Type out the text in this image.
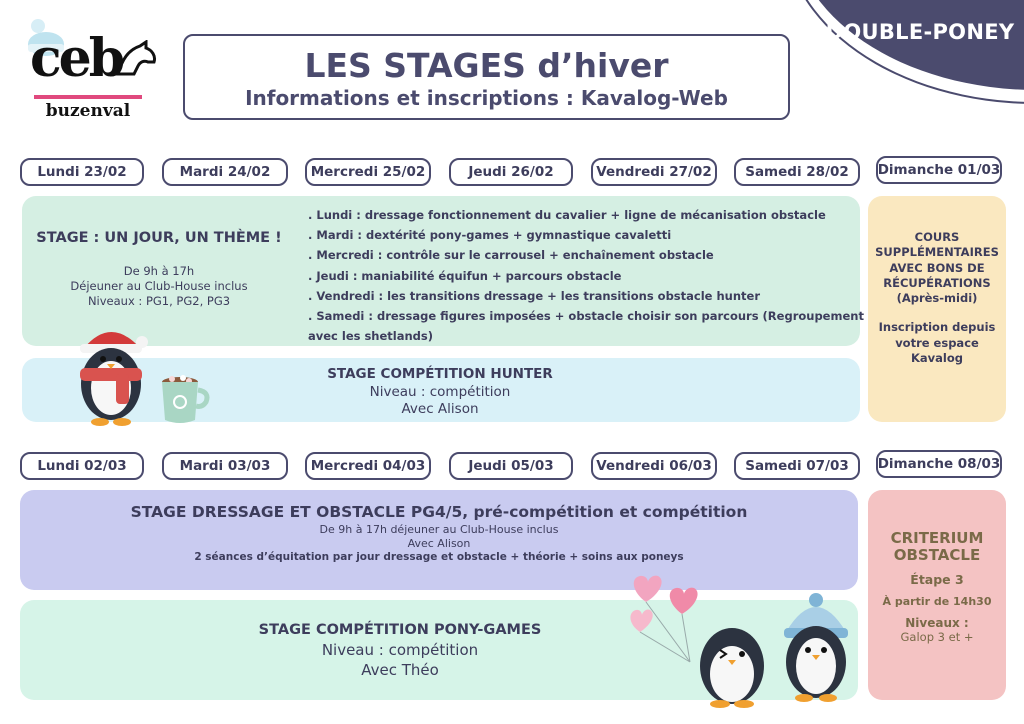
DOUBLE-PONEY
ceb
buzenval
LES STAGES d’hiver
Informations et inscriptions : Kavalog-Web
Lundi 23/02	Mardi 24/02	Mercredi 25/02	Jeudi 26/02	Vendredi 27/02	Samedi 28/02	Dimanche 01/03
STAGE : UN JOUR, UN THÈME !
De 9h à 17h
Déjeuner au Club-House inclus
Niveaux : PG1, PG2, PG3
. Lundi : dressage fonctionnement du cavalier + ligne de mécanisation obstacle
. Mardi : dextérité pony-games + gymnastique cavaletti
. Mercredi : contrôle sur le carrousel + enchaînement obstacle
. Jeudi : maniabilité équifun + parcours obstacle
. Vendredi : les transitions dressage + les transitions obstacle hunter
. Samedi : dressage figures imposées + obstacle choisir son parcours (Regroupement
avec les shetlands)
STAGE COMPÉTITION HUNTER
Niveau : compétition
Avec Alison
COURS
SUPPLÉMENTAIRES
AVEC BONS DE
RÉCUPÉRATIONS
(Après-midi)
Inscription depuis
votre espace
Kavalog
Lundi 02/03	Mardi 03/03	Mercredi 04/03	Jeudi 05/03	Vendredi 06/03	Samedi 07/03	Dimanche 08/03
STAGE DRESSAGE ET OBSTACLE PG4/5, pré-compétition et compétition
De 9h à 17h déjeuner au Club-House inclus
Avec Alison
2 séances d’équitation par jour dressage et obstacle + théorie + soins aux poneys
STAGE COMPÉTITION PONY-GAMES
Niveau : compétition
Avec Théo
CRITERIUM
OBSTACLE
Étape 3
À partir de 14h30
Niveaux :
Galop 3 et +
